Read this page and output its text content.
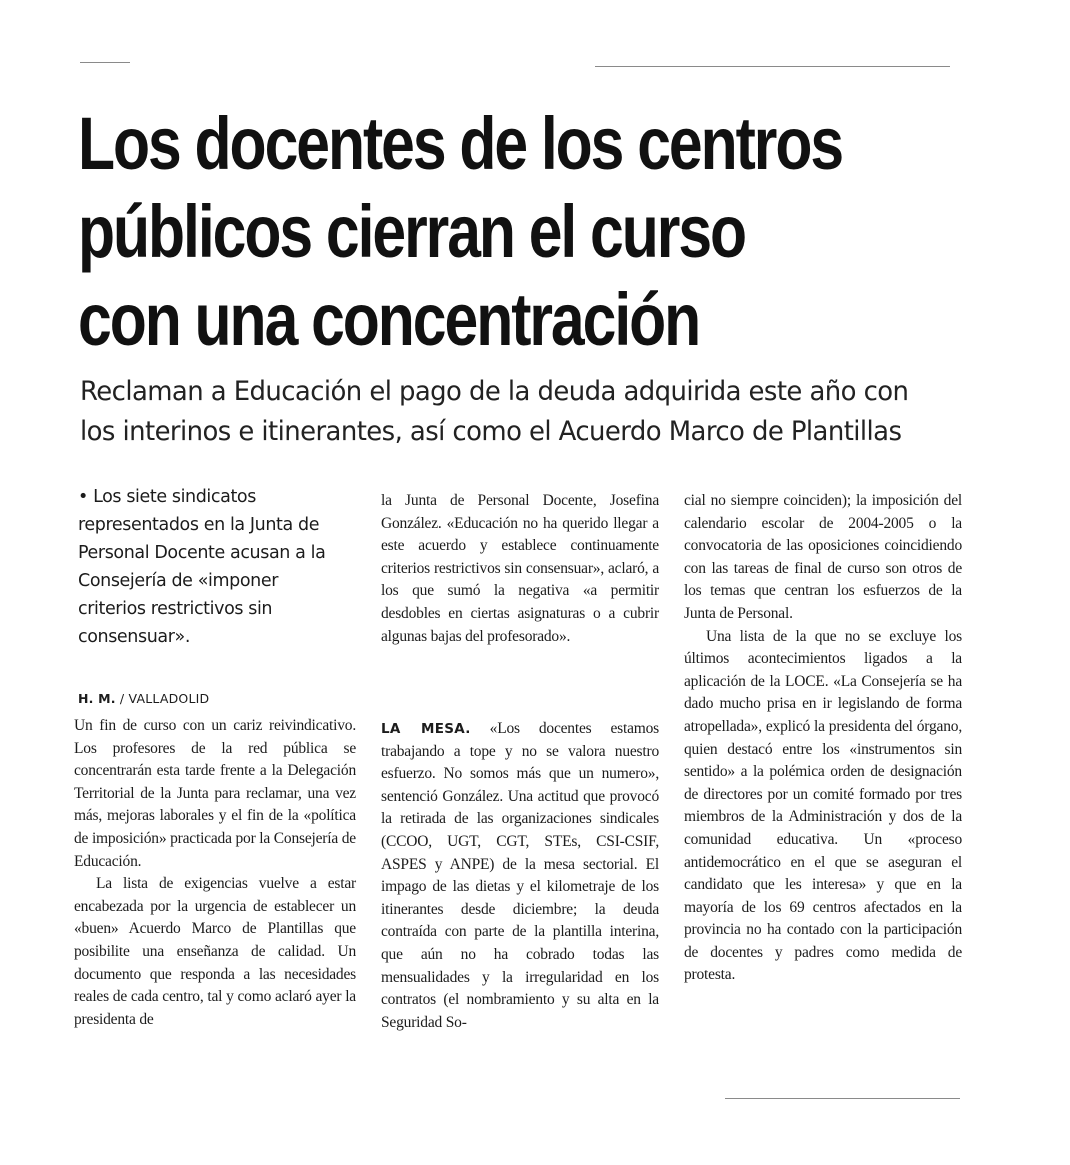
Los docentes de los centros
públicos cierran el curso
con una concentración
Reclaman a Educación el pago de la deuda adquirida este año con
los interinos e itinerantes, así como el Acuerdo Marco de Plantillas

• Los siete sindicatos representados en la Junta de Personal Docente acusan a la Consejería de «imponer criterios restrictivos sin consensuar».

H. M. / VALLADOLID

Un fin de curso con un cariz reivindicativo. Los profesores de la red pública se concentrarán esta tarde frente a la Delegación Territorial de la Junta para reclamar, una vez más, mejoras laborales y el fin de la «política de imposición» practicada por la Consejería de Educación.

La lista de exigencias vuelve a estar encabezada por la urgencia de establecer un «buen» Acuerdo Marco de Plantillas que posibilite una enseñanza de calidad. Un documento que responda a las necesidades reales de cada centro, tal y como aclaró ayer la presidenta de

la Junta de Personal Docente, Josefina González. «Educación no ha querido llegar a este acuerdo y establece continuamente criterios restrictivos sin consensuar», aclaró, a los que sumó la negativa «a permitir desdobles en ciertas asignaturas o a cubrir algunas bajas del profesorado».

LA MESA. «Los docentes estamos trabajando a tope y no se valora nuestro esfuerzo. No somos más que un numero», sentenció González. Una actitud que provocó la retirada de las organizaciones sindicales (CCOO, UGT, CGT, STEs, CSI-CSIF, ASPES y ANPE) de la mesa sectorial. El impago de las dietas y el kilometraje de los itinerantes desde diciembre; la deuda contraída con parte de la plantilla interina, que aún no ha cobrado todas las mensualidades y la irregularidad en los contratos (el nombramiento y su alta en la Seguridad So-

cial no siempre coinciden); la imposición del calendario escolar de 2004-2005 o la convocatoria de las oposiciones coincidiendo con las tareas de final de curso son otros de los temas que centran los esfuerzos de la Junta de Personal.

Una lista de la que no se excluye los últimos acontecimientos ligados a la aplicación de la LOCE. «La Consejería se ha dado mucho prisa en ir legislando de forma atropellada», explicó la presidenta del órgano, quien destacó entre los «instrumentos sin sentido» a la polémica orden de designación de directores por un comité formado por tres miembros de la Administración y dos de la comunidad educativa. Un «proceso antidemocrático en el que se aseguran el candidato que les interesa» y que en la mayoría de los 69 centros afectados en la provincia no ha contado con la participación de docentes y padres como medida de protesta.
